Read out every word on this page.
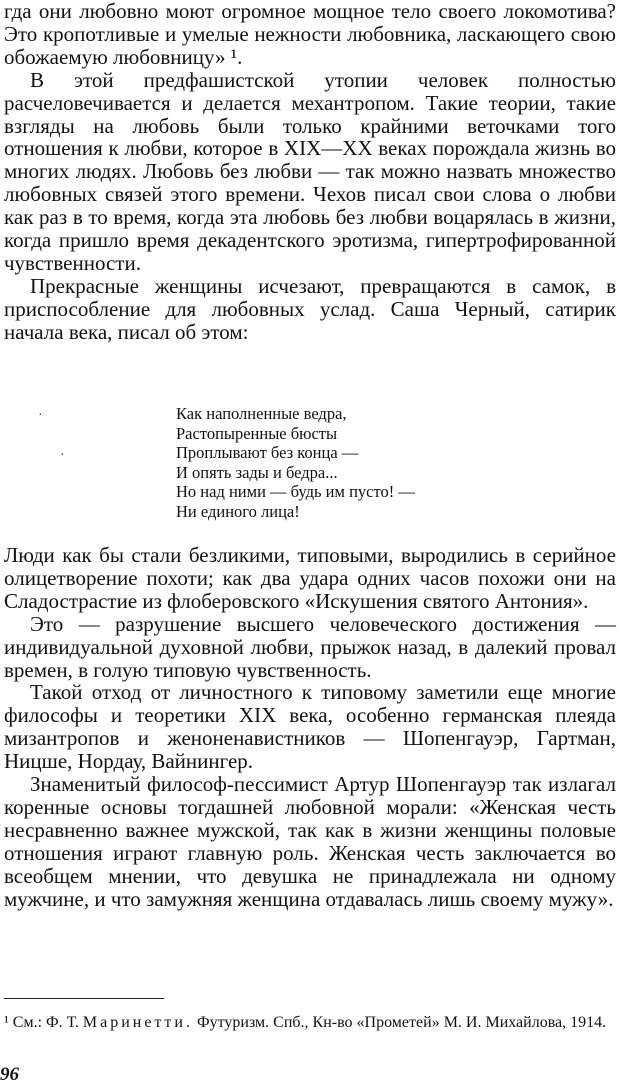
гда они любовно моют огромное мощное тело своего локомотива? Это кропотливые и умелые нежности любовника, ласкающего свою обожаемую любовницу» ¹.

В этой предфашистской утопии человек полностью расчеловечивается и делается механтропом. Такие теории, такие взгляды на любовь были только крайними веточками того отношения к любви, которое в XIX—XX веках порождала жизнь во многих людях. Любовь без любви — так можно назвать множество любовных связей этого времени. Чехов писал свои слова о любви как раз в то время, когда эта любовь без любви воцарялась в жизни, когда пришло время декадентского эротизма, гипертрофированной чувственности.

Прекрасные женщины исчезают, превращаются в самок, в приспособление для любовных услад. Саша Черный, сатирик начала века, писал об этом:

·
·
Как наполненные ведра,
Растопыренные бюсты
Проплывают без конца —
И опять зады и бедра...
Но над ними — будь им пусто! —
Ни единого лица!

Люди как бы стали безликими, типовыми, выродились в серийное олицетворение похоти; как два удара одних часов похожи они на Сладострастие из флоберовского «Искушения святого Антония».

Это — разрушение высшего человеческого достижения — индивидуальной духовной любви, прыжок назад, в далекий провал времен, в голую типовую чувственность.

Такой отход от личностного к типовому заметили еще многие философы и теоретики XIX века, особенно германская плеяда мизантропов и женоненавистников — Шопенгауэр, Гартман, Ницше, Нордау, Вайнингер.

Знаменитый философ-пессимист Артур Шопенгауэр так излагал коренные основы тогдашней любовной морали: «Женская честь несравненно важнее мужской, так как в жизни женщины половые отношения играют главную роль. Женская честь заключается во всеобщем мнении, что девушка не принадлежала ни одному мужчине, и что замужняя женщина отдавалась лишь своему мужу».

¹ См.: Ф. Т. Маринетти. Футуризм. Спб., Кн-во «Прометей» М. И. Михайлова, 1914.
96
